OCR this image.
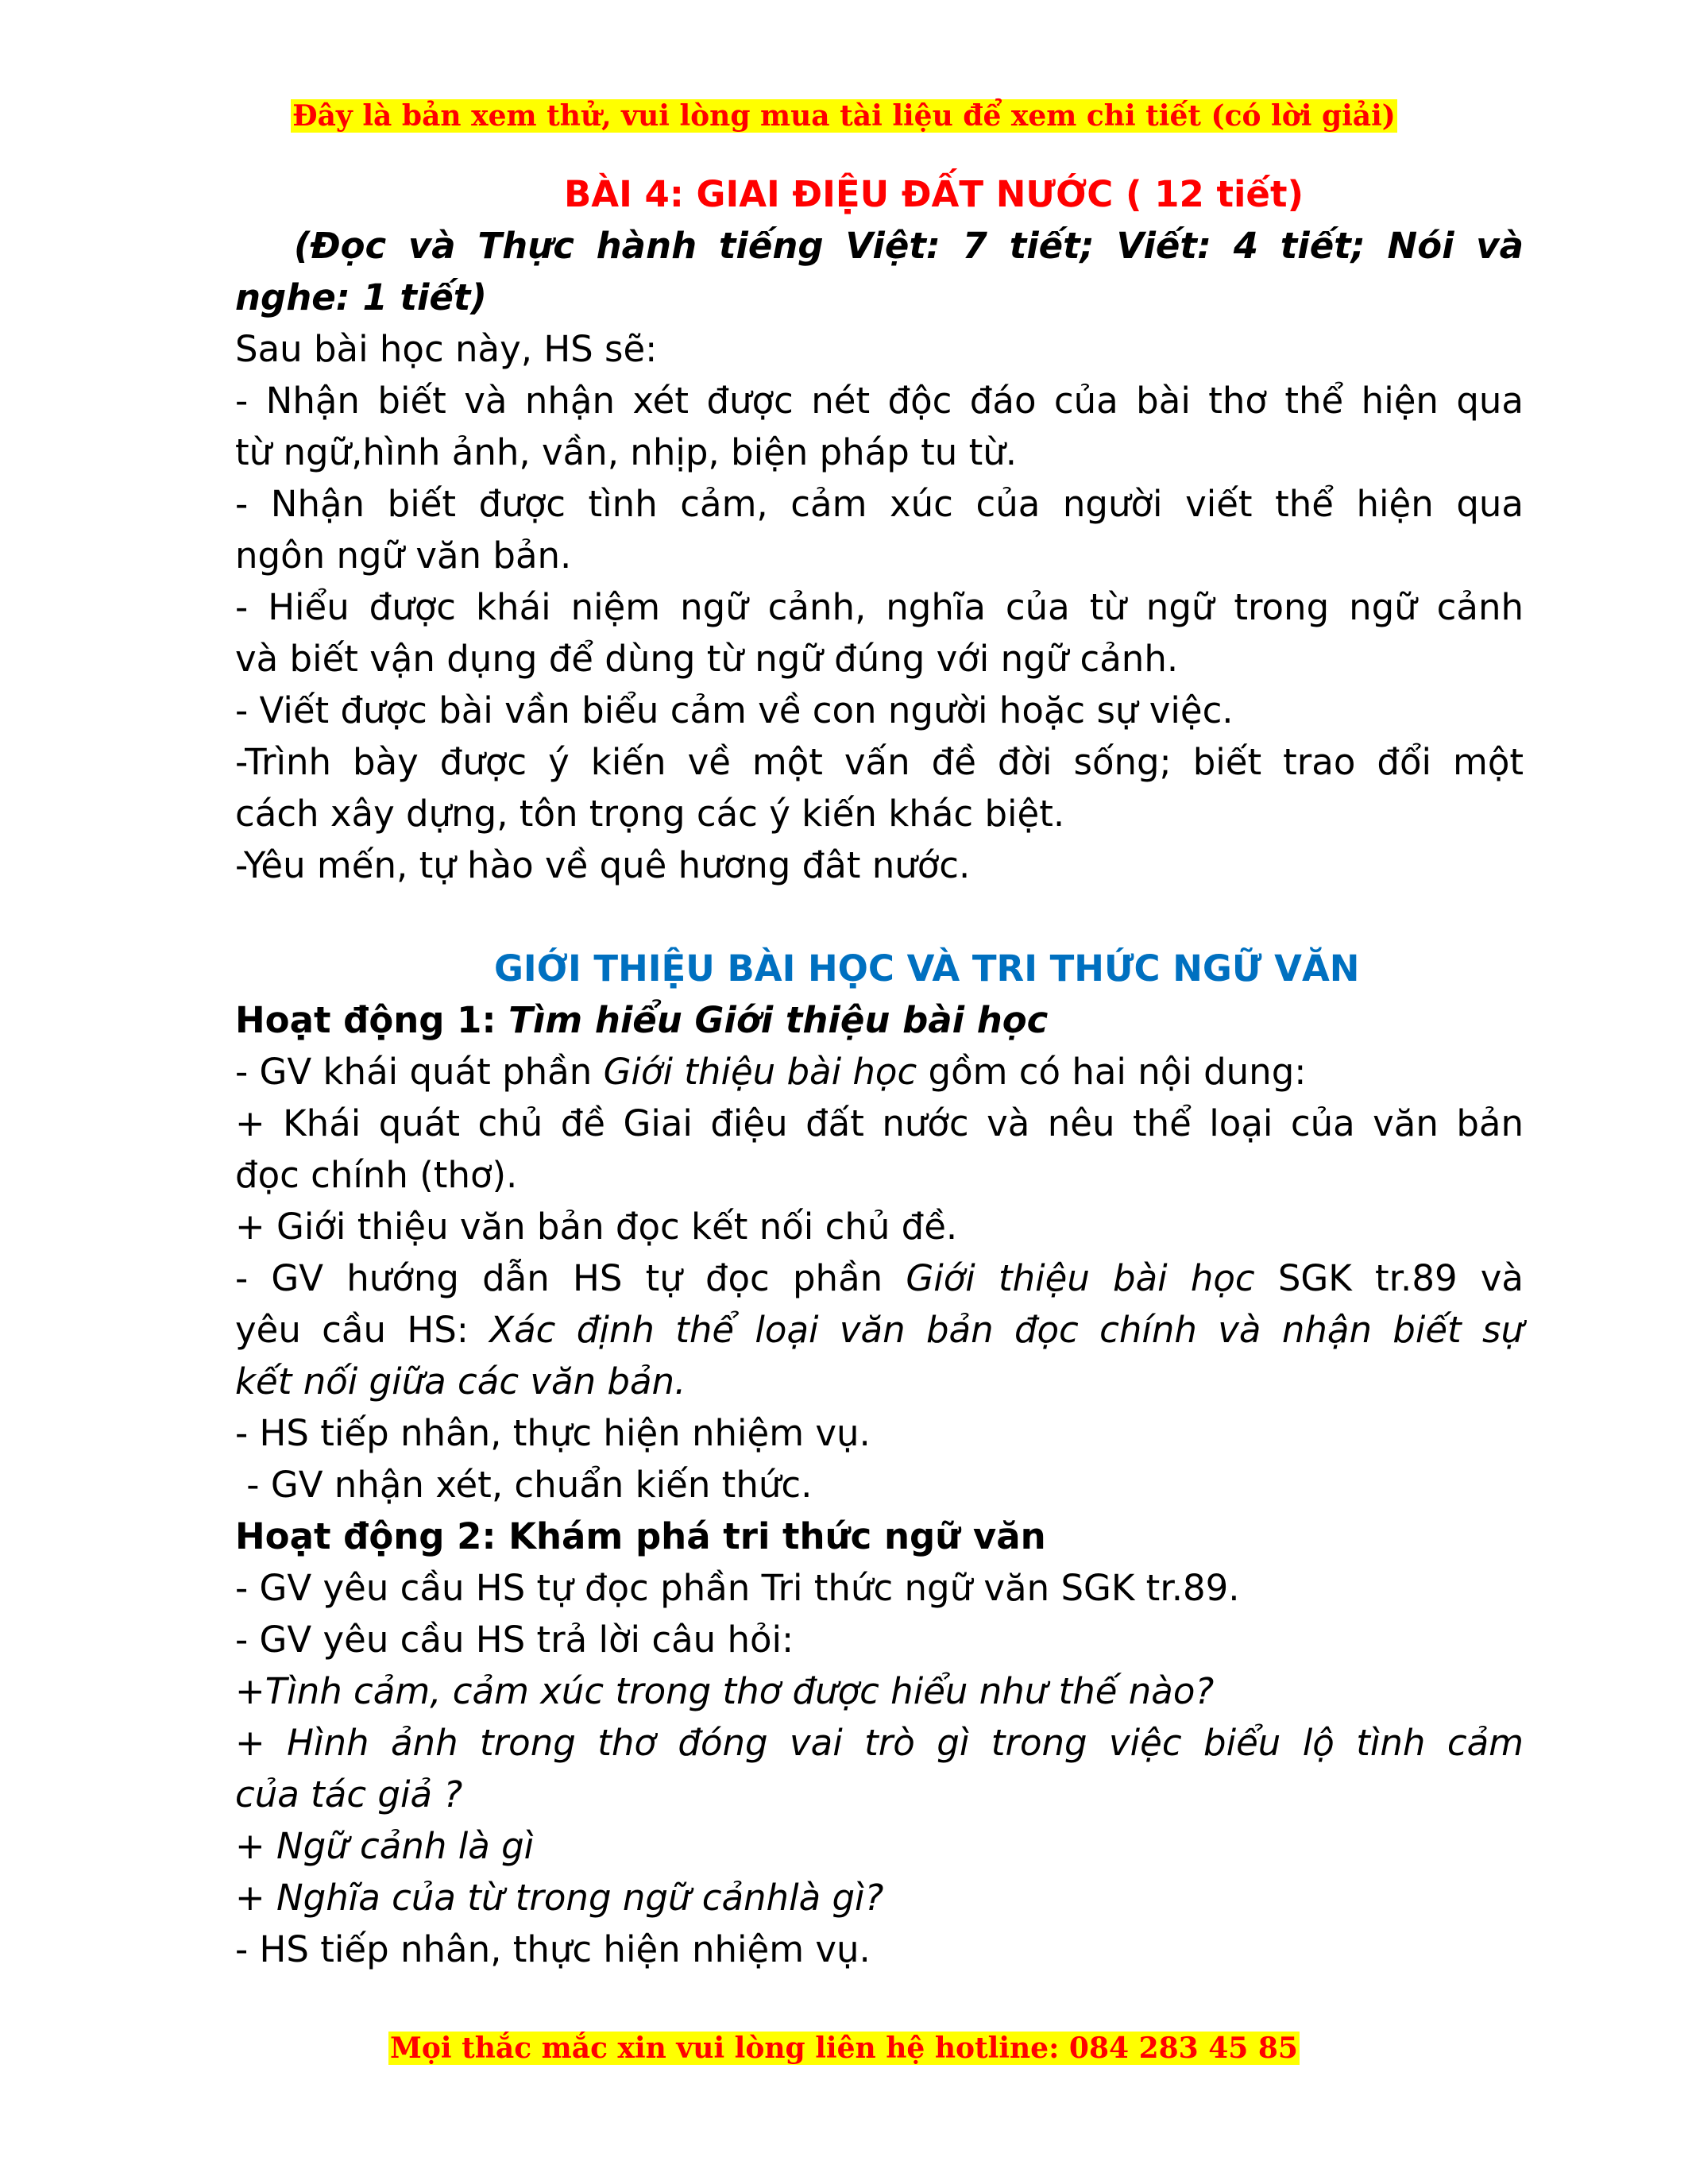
Đây là bản xem thử, vui lòng mua tài liệu để xem chi tiết (có lời giải)
BÀI 4: GIAI ĐIỆU ĐẤT NƯỚC ( 12 tiết)
(Đọc và Thực hành tiếng Việt: 7 tiết; Viết: 4 tiết; Nói và
nghe: 1 tiết)
Sau bài học này, HS sẽ:
- Nhận biết và nhận xét được nét độc đáo của bài thơ thể hiện qua
từ ngữ,hình ảnh, vần, nhịp, biện pháp tu từ.
- Nhận biết được tình cảm, cảm xúc của người viết thể hiện qua
ngôn ngữ văn bản.
- Hiểu được khái niệm ngữ cảnh, nghĩa của từ ngữ trong ngữ cảnh
và biết vận dụng để dùng từ ngữ đúng với ngữ cảnh.
- Viết được bài vần biểu cảm về con người hoặc sự việc.
-Trình bày được ý kiến về một vấn đề đời sống; biết trao đổi một
cách xây dựng, tôn trọng các ý kiến khác biệt.
-Yêu mến, tự hào về quê hương đât nước.
GIỚI THIỆU BÀI HỌC VÀ TRI THỨC NGỮ VĂN
Hoạt động 1: Tìm hiểu Giới thiệu bài học
- GV khái quát phần Giới thiệu bài học gồm có hai nội dung:
+ Khái quát chủ đề Giai điệu đất nước và nêu thể loại của văn bản
đọc chính (thơ).
+ Giới thiệu văn bản đọc kết nối chủ đề.
- GV hướng dẫn HS tự đọc phần Giới thiệu bài học SGK tr.89 và
yêu cầu HS: Xác định thể loại văn bản đọc chính và nhận biết sự
kết nối giữa các văn bản.
- HS tiếp nhân, thực hiện nhiệm vụ.
- GV nhận xét, chuẩn kiến thức.
Hoạt động 2: Khám phá tri thức ngữ văn
- GV yêu cầu HS tự đọc phần Tri thức ngữ văn SGK tr.89.
- GV yêu cầu HS trả lời câu hỏi:
+Tình cảm, cảm xúc trong thơ được hiểu như thế nào?
+ Hình ảnh trong thơ đóng vai trò gì trong việc biểu lộ tình cảm
của tác giả ?
+ Ngữ cảnh là gì
+ Nghĩa của từ trong ngữ cảnhlà gì?
- HS tiếp nhân, thực hiện nhiệm vụ.
Mọi thắc mắc xin vui lòng liên hệ hotline: 084 283 45 85
